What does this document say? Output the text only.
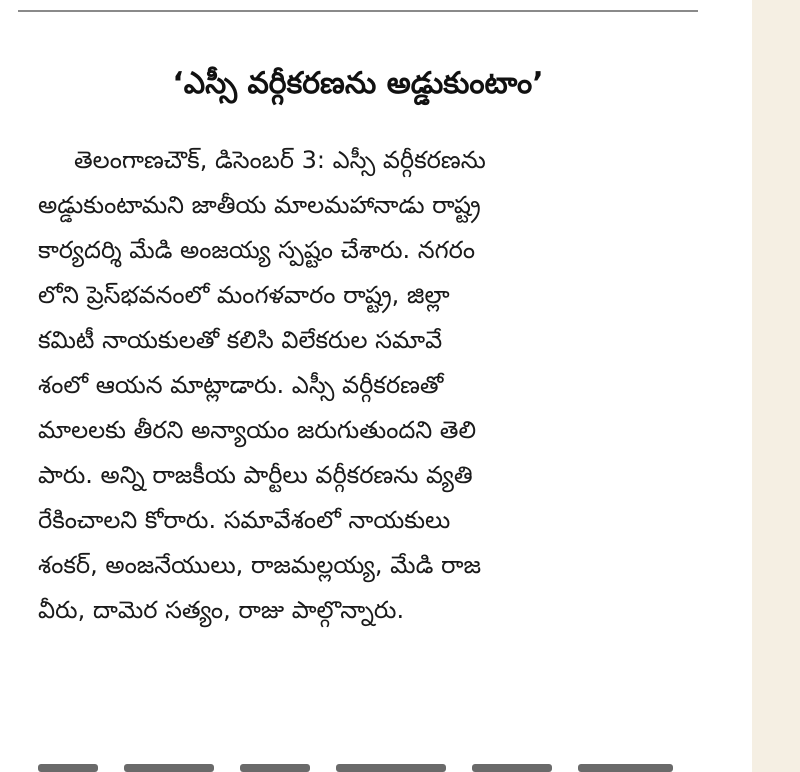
‘ఎస్సీ వర్గీకరణను అడ్డుకుంటాం’
తెలంగాణచౌక్, డిసెంబర్ 3: ఎస్సీ వర్గీకరణను
అడ్డుకుంటామని జాతీయ మాలమహానాడు రాష్ట్ర
కార్యదర్శి మేడి అంజయ్య స్పష్టం చేశారు. నగరం
లోని ప్రెస్‌భవనంలో మంగళవారం రాష్ట్ర, జిల్లా
కమిటీ నాయకులతో కలిసి విలేకరుల సమావే
శంలో ఆయన మాట్లాడారు. ఎస్సీ వర్గీకరణతో
మాలలకు తీరని అన్యాయం జరుగుతుందని తెలి
పారు. అన్ని రాజకీయ పార్టీలు వర్గీకరణను వ్యతి
రేకించాలని కోరారు. సమావేశంలో నాయకులు
శంకర్, అంజనేయులు, రాజమల్లయ్య, మేడి రాజ
వీరు, దామెర సత్యం, రాజు పాల్గొన్నారు.
